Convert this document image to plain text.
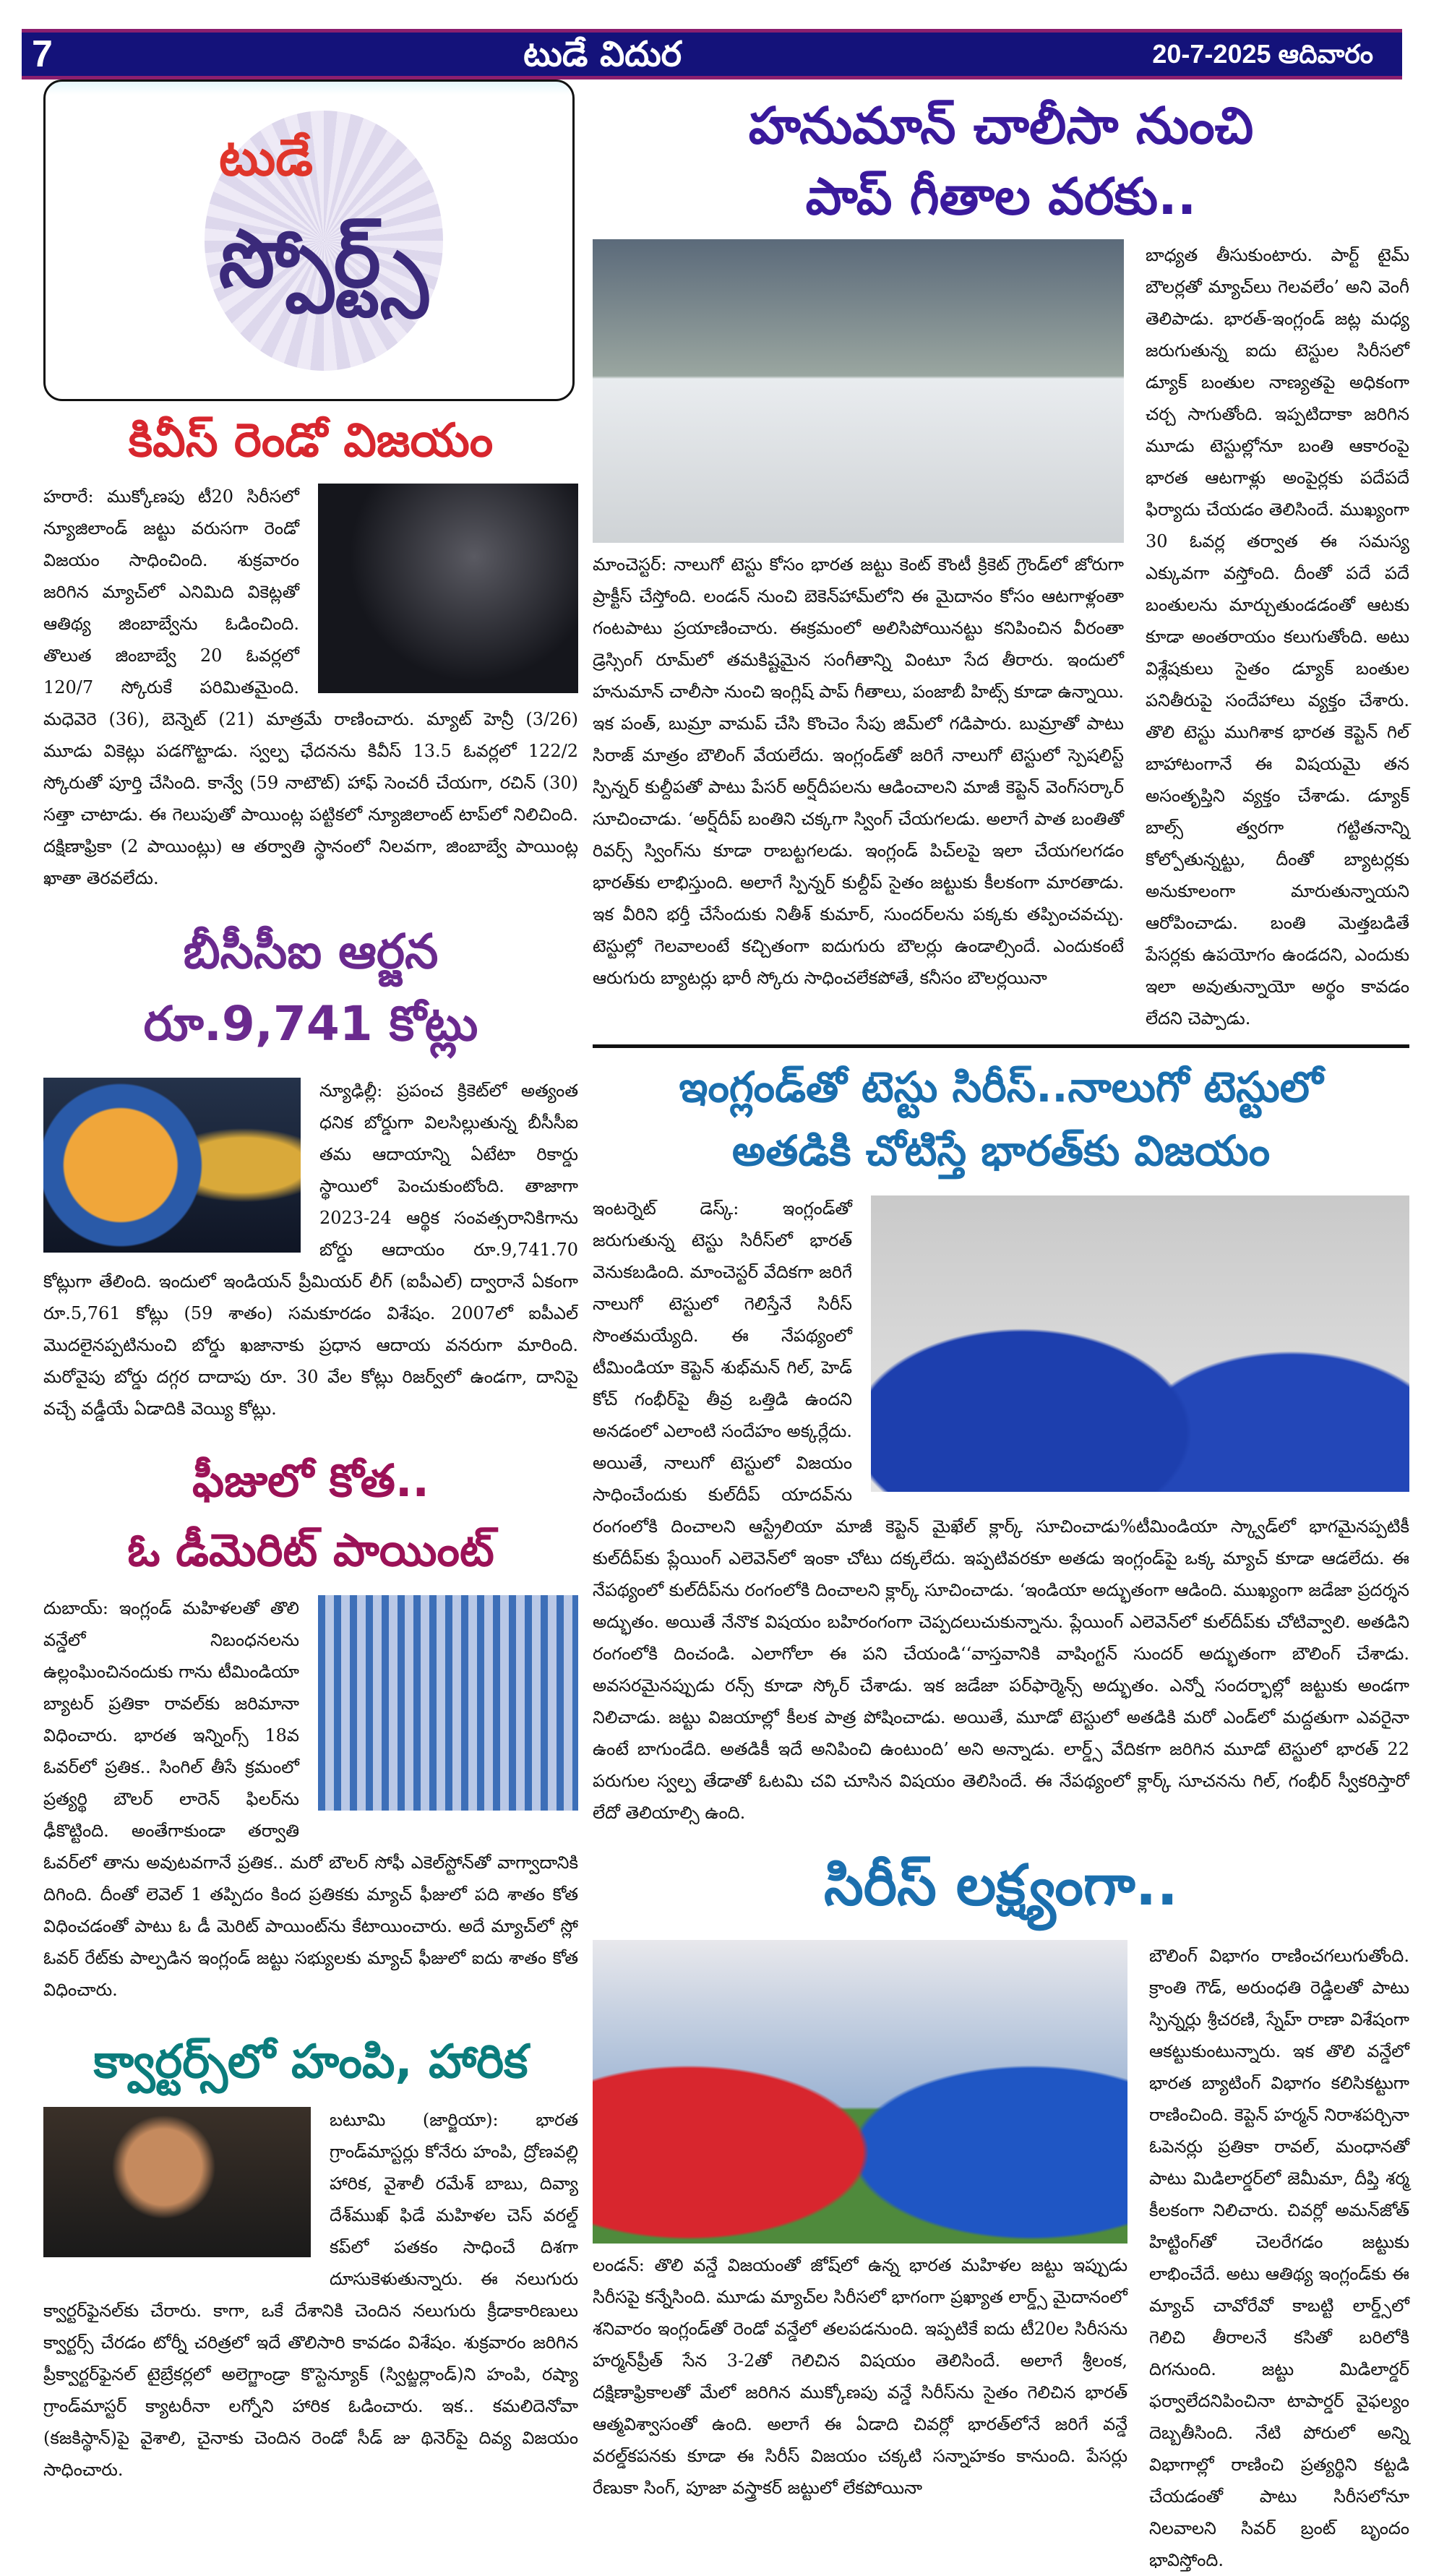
7	టుడే విదుర	20-7-2025 ఆదివారం
టుడే
స్పోర్ట్స్
కివీస్ రెండో విజయం
హరారే: ముక్కోణపు టీ20 సిరీసలో న్యూజిలాండ్ జట్టు వరుసగా రెండో విజయం సాధించింది. శుక్రవారం జరిగిన మ్యాచ్‌లో ఎనిమిది వికెట్లతో ఆతిథ్య జింబాబ్వేను ఓడించింది. తొలుత జింబాబ్వే 20 ఓవర్లలో 120/7 స్కోరుకే పరిమితమైంది. మధెవెరె (36), బెన్నెట్ (21) మాత్రమే రాణించారు. మ్యాట్ హెన్రీ (3/26) మూడు వికెట్లు పడగొట్టాడు. స్వల్ప ఛేదనను కివీస్ 13.5 ఓవర్లలో 122/2 స్కోరుతో పూర్తి చేసింది. కాన్వే (59 నాటౌట్) హాఫ్ సెంచరీ చేయగా, రచిన్ (30) సత్తా చాటాడు. ఈ గెలుపుతో పాయింట్ల పట్టికలో న్యూజిలాంట్ టాప్‌లో నిలిచింది. దక్షిణాఫ్రికా (2 పాయింట్లు) ఆ తర్వాతి స్థానంలో నిలవగా, జింబాబ్వే పాయింట్ల ఖాతా తెరవలేదు.
బీసీసీఐ ఆర్జన
రూ.9,741 కోట్లు
న్యూఢిల్లీ: ప్రపంచ క్రికెట్‌లో అత్యంత ధనిక బోర్డుగా విలసిల్లుతున్న బీసీసీఐ తమ ఆదాయాన్ని ఏటేటా రికార్డు స్థాయిలో పెంచుకుంటోంది. తాజాగా 2023-24 ఆర్థిక సంవత్సరానికిగాను బోర్డు ఆదాయం రూ.9,741.70 కోట్లుగా తేలింది. ఇందులో ఇండియన్ ప్రీమియర్ లీగ్ (ఐపీఎల్) ద్వారానే ఏకంగా రూ.5,761 కోట్లు (59 శాతం) సమకూరడం విశేషం. 2007లో ఐపీఎల్ మొదలైనప్పటినుంచి బోర్డు ఖజానాకు ప్రధాన ఆదాయ వనరుగా మారింది. మరోవైపు బోర్డు దగ్గర దాదాపు రూ. 30 వేల కోట్లు రిజర్వ్‌లో ఉండగా, దానిపై వచ్చే వడ్డీయే ఏడాదికి వెయ్యి కోట్లు.
ఫీజులో కోత..
ఓ డీమెరిట్ పాయింట్
దుబాయ్: ఇంగ్లండ్ మహిళలతో తొలి వన్డేలో నిబంధనలను ఉల్లంఘించినందుకు గాను టీమిండియా బ్యాటర్ ప్రతికా రావల్‌కు జరిమానా విధించారు. భారత ఇన్నింగ్స్ 18వ ఓవర్‌లో ప్రతిక.. సింగిల్ తీసే క్రమంలో ప్రత్యర్థి బౌలర్ లారెన్ ఫిలర్‌ను ఢీకొట్టింది. అంతేగాకుండా తర్వాతి ఓవర్‌లో తాను అవుటవగానే ప్రతిక.. మరో బౌలర్ సోఫీ ఎకెల్‌స్టోన్‌తో వాగ్వాదానికి దిగింది. దీంతో లెవెల్ 1 తప్పిదం కింద ప్రతికకు మ్యాచ్ ఫీజులో పది శాతం కోత విధించడంతో పాటు ఓ డీ మెరిట్ పాయింట్‌ను కేటాయించారు. అదే మ్యాచ్‌లో స్లో ఓవర్ రేట్‌కు పాల్పడిన ఇంగ్లండ్ జట్టు సభ్యులకు మ్యాచ్ ఫీజులో ఐదు శాతం కోత విధించారు.
క్వార్టర్స్‌లో హంపి, హారిక
బటూమి (జార్జియా): భారత గ్రాండ్‌మాస్టర్లు కోనేరు హంపి, ద్రోణవల్లి హారిక, వైశాలీ రమేశ్ బాబు, దివ్యా దేశ్‌ముఖ్ ఫిడే మహిళల చెస్ వరల్డ్ కప్‌లో పతకం సాధించే దిశగా దూసుకెళుతున్నారు. ఈ నలుగురు క్వార్టర్‌ఫైనల్‌కు చేరారు. కాగా, ఒకే దేశానికి చెందిన నలుగురు క్రీడాకారిణులు క్వార్టర్స్ చేరడం టోర్నీ చరిత్రలో ఇదే తొలిసారి కావడం విశేషం. శుక్రవారం జరిగిన ప్రీక్వార్టర్‌ఫైనల్ టైబ్రేకర్లలో అలెగ్జాండ్రా కొస్టెన్యూక్ (స్విట్జర్లాండ్)ని హంపి, రష్యా గ్రాండ్‌మాస్టర్ క్యాటరీనా లగ్నోని హారిక ఓడించారు. ఇక.. కమలిదెనోవా (కజకిస్థాన్)పై వైశాలి, చైనాకు చెందిన రెండో సీడ్ జు థినెర్‌పై దివ్య విజయం సాధించారు.
హనుమాన్ చాలీసా నుంచి
పాప్ గీతాల వరకు..
మాంచెస్టర్: నాలుగో టెస్టు కోసం భారత జట్టు కెంట్ కౌంటీ క్రికెట్ గ్రౌండ్‌లో జోరుగా ప్రాక్టీస్ చేస్తోంది. లండన్ నుంచి బెకెన్‌హామ్‌లోని ఈ మైదానం కోసం ఆటగాళ్లంతా గంటపాటు ప్రయాణించారు. ఈక్రమంలో అలిసిపోయినట్టు కనిపించిన వీరంతా డ్రెస్సింగ్ రూమ్‌లో తమకిష్టమైన సంగీతాన్ని వింటూ సేద తీరారు. ఇందులో హనుమాన్ చాలీసా నుంచి ఇంగ్లిష్ పాప్ గీతాలు, పంజాబీ హిట్స్ కూడా ఉన్నాయి. ఇక పంత్, బుమ్రా వామప్ చేసి కొంచెం సేపు జిమ్‌లో గడిపారు. బుమ్రాతో పాటు సిరాజ్ మాత్రం బౌలింగ్ వేయలేదు. ఇంగ్లండ్‌తో జరిగే నాలుగో టెస్టులో స్పెషలిస్ట్ స్పిన్నర్ కుల్దీపతో పాటు పేసర్ అర్ష్‌దీపలను ఆడించాలని మాజీ కెప్టెన్ వెంగ్‌సర్కార్ సూచించాడు. ‘అర్ష్‌దీప్ బంతిని చక్కగా స్వింగ్ చేయగలడు. అలాగే పాత బంతితో రివర్స్ స్వింగ్‌ను కూడా రాబట్టగలడు. ఇంగ్లండ్ పిచ్‌లపై ఇలా చేయగలగడం భారత్‌కు లాభిస్తుంది. అలాగే స్పిన్నర్ కుల్దీప్ సైతం జట్టుకు కీలకంగా మారతాడు. ఇక వీరిని భర్తీ చేసేందుకు నితీశ్ కుమార్, సుందర్‌లను పక్కకు తప్పించవచ్చు. టెస్టుల్లో గెలవాలంటే కచ్చితంగా ఐదుగురు బౌలర్లు ఉండాల్సిందే. ఎందుకంటే ఆరుగురు బ్యాటర్లు భారీ స్కోరు సాధించలేకపోతే, కనీసం బౌలర్లయినా
బాధ్యత తీసుకుంటారు. పార్ట్ టైమ్ బౌలర్లతో మ్యాచ్‌లు గెలవలేం’ అని వెంగీ తెలిపాడు. భారత్-ఇంగ్లండ్ జట్ల మధ్య జరుగుతున్న ఐదు టెస్టుల సిరీసలో డ్యూక్ బంతుల నాణ్యతపై అధికంగా చర్చ సాగుతోంది. ఇప్పటిదాకా జరిగిన మూడు టెస్టుల్లోనూ బంతి ఆకారంపై భారత ఆటగాళ్లు అంపైర్లకు పదేపదే ఫిర్యాదు చేయడం తెలిసిందే. ముఖ్యంగా 30 ఓవర్ల తర్వాత ఈ సమస్య ఎక్కువగా వస్తోంది. దీంతో పదే పదే బంతులను మార్చుతుండడంతో ఆటకు కూడా అంతరాయం కలుగుతోంది. అటు విశ్లేషకులు సైతం డ్యూక్ బంతుల పనితీరుపై సందేహాలు వ్యక్తం చేశారు. తొలి టెస్టు ముగిశాక భారత కెప్టెన్ గిల్ బాహాటంగానే ఈ విషయమై తన అసంతృప్తిని వ్యక్తం చేశాడు. డ్యూక్ బాల్స్ త్వరగా గట్టితనాన్ని కోల్పోతున్నట్టు, దీంతో బ్యాటర్లకు అనుకూలంగా మారుతున్నాయని ఆరోపించాడు. బంతి మెత్తబడితే పేసర్లకు ఉపయోగం ఉండదని, ఎందుకు ఇలా అవుతున్నాయో అర్థం కావడం లేదని చెప్పాడు.
ఇంగ్లండ్‌తో టెస్టు సిరీస్..నాలుగో టెస్టులో
అతడికి చోటిస్తే భారత్‌కు విజయం
ఇంటర్నెట్ డెస్క్: ఇంగ్లండ్‌తో జరుగుతున్న టెస్టు సిరీస్‌లో భారత్ వెనుకబడింది. మాంచెస్టర్ వేదికగా జరిగే నాలుగో టెస్టులో గెలిస్తేనే సిరీస్ సొంతమయ్యేది. ఈ నేపథ్యంలో టీమిండియా కెప్టెన్ శుభ్‌మన్ గిల్, హెడ్ కోచ్ గంభీర్‌పై తీవ్ర ఒత్తిడి ఉందని అనడంలో ఎలాంటి సందేహం అక్కర్లేదు. అయితే, నాలుగో టెస్టులో విజయం సాధించేందుకు కుల్‌దీప్ యాదవ్‌ను రంగంలోకి దించాలని ఆస్ట్రేలియా మాజీ కెప్టెన్ మైఖేల్ క్లార్క్ సూచించాడు%టీమిండియా స్క్వాడ్‌లో భాగమైనప్పటికీ కుల్‌దీప్‌కు ప్లేయింగ్ ఎలెవెన్‌లో ఇంకా చోటు దక్కలేదు. ఇప్పటివరకూ అతడు ఇంగ్లండ్‌పై ఒక్క మ్యాచ్ కూడా ఆడలేదు. ఈ నేపథ్యంలో కుల్‌దీప్‌ను రంగంలోకి దించాలని క్లార్క్ సూచించాడు. ‘ఇండియా అద్భుతంగా ఆడింది. ముఖ్యంగా జడేజా ప్రదర్శన అద్భుతం. అయితే నేనొక విషయం బహిరంగంగా చెప్పదలుచుకున్నాను. ప్లేయింగ్ ఎలెవెన్‌లో కుల్‌దీప్‌కు చోటివ్వాలి. అతడిని రంగంలోకి దించండి. ఎలాగోలా ఈ పని చేయండి‘‘వాస్తవానికి వాషింగ్టన్ సుందర్ అద్భుతంగా బౌలింగ్ చేశాడు. అవసరమైనప్పుడు రన్స్ కూడా స్కోర్ చేశాడు. ఇక జడేజా పర్‌ఫార్మెన్స్ అద్భుతం. ఎన్నో సందర్భాల్లో జట్టుకు అండగా నిలిచాడు. జట్టు విజయాల్లో కీలక పాత్ర పోషించాడు. అయితే, మూడో టెస్టులో అతడికి మరో ఎండ్‌లో మద్దతుగా ఎవరైనా ఉంటే బాగుండేది. అతడికీ ఇదే అనిపించి ఉంటుంది’ అని అన్నాడు. లార్డ్స్ వేదికగా జరిగిన మూడో టెస్టులో భారత్ 22 పరుగుల స్వల్ప తేడాతో ఓటమి చవి చూసిన విషయం తెలిసిందే. ఈ నేపథ్యంలో క్లార్క్ సూచనను గిల్, గంభీర్ స్వీకరిస్తారో లేదో తెలియాల్సి ఉంది.
సిరీస్ లక్ష్యంగా..
లండన్: తొలి వన్డే విజయంతో జోష్‌లో ఉన్న భారత మహిళల జట్టు ఇప్పుడు సిరీసపై కన్నేసింది. మూడు మ్యాచ్‌ల సిరీసలో భాగంగా ప్రఖ్యాత లార్డ్స్ మైదానంలో శనివారం ఇంగ్లండ్‌తో రెండో వన్డేలో తలపడనుంది. ఇప్పటికే ఐదు టీ20ల సిరీసను హర్మన్‌ప్రీత్ సేన 3-2తో గెలిచిన విషయం తెలిసిందే. అలాగే శ్రీలంక, దక్షిణాఫ్రికాలతో మేలో జరిగిన ముక్కోణపు వన్డే సిరీస్‌ను సైతం గెలిచిన భారత్ ఆత్మవిశ్వాసంతో ఉంది. అలాగే ఈ ఏడాది చివర్లో భారత్‌లోనే జరిగే వన్డే వరల్డ్‌కపనకు కూడా ఈ సిరీస్ విజయం చక్కటి సన్నాహకం కానుంది. పేసర్లు రేణుకా సింగ్, పూజా వస్త్రాకర్ జట్టులో లేకపోయినా
బౌలింగ్ విభాగం రాణించగలుగుతోంది. క్రాంతి గౌడ్, అరుంధతి రెడ్డిలతో పాటు స్పిన్నర్లు శ్రీచరణి, స్నేహ్ రాణా విశేషంగా ఆకట్టుకుంటున్నారు. ఇక తొలి వన్డేలో భారత బ్యాటింగ్ విభాగం కలిసికట్టుగా రాణించింది. కెప్టెన్ హర్మన్ నిరాశపర్చినా ఓపెనర్లు ప్రతికా రావల్, మంధానతో పాటు మిడిలార్డర్‌లో జెమీమా, దీప్తి శర్మ కీలకంగా నిలిచారు. చివర్లో అమన్‌జోత్ హిట్టింగ్‌తో చెలరేగడం జట్టుకు లాభించేదే. అటు ఆతిథ్య ఇంగ్లండ్‌కు ఈ మ్యాచ్ చావోరేవో కాబట్టి లార్డ్స్‌లో గెలిచి తీరాలనే కసితో బరిలోకి దిగనుంది. జట్టు మిడిలార్డర్ ఫర్వాలేదనిపించినా టాపార్డర్ వైఫల్యం దెబ్బతీసింది. నేటి పోరులో అన్ని విభాగాల్లో రాణించి ప్రత్యర్థిని కట్టడి చేయడంతో పాటు సిరీసలోనూ నిలవాలని సివర్ బ్రంట్ బృందం భావిస్తోంది.
